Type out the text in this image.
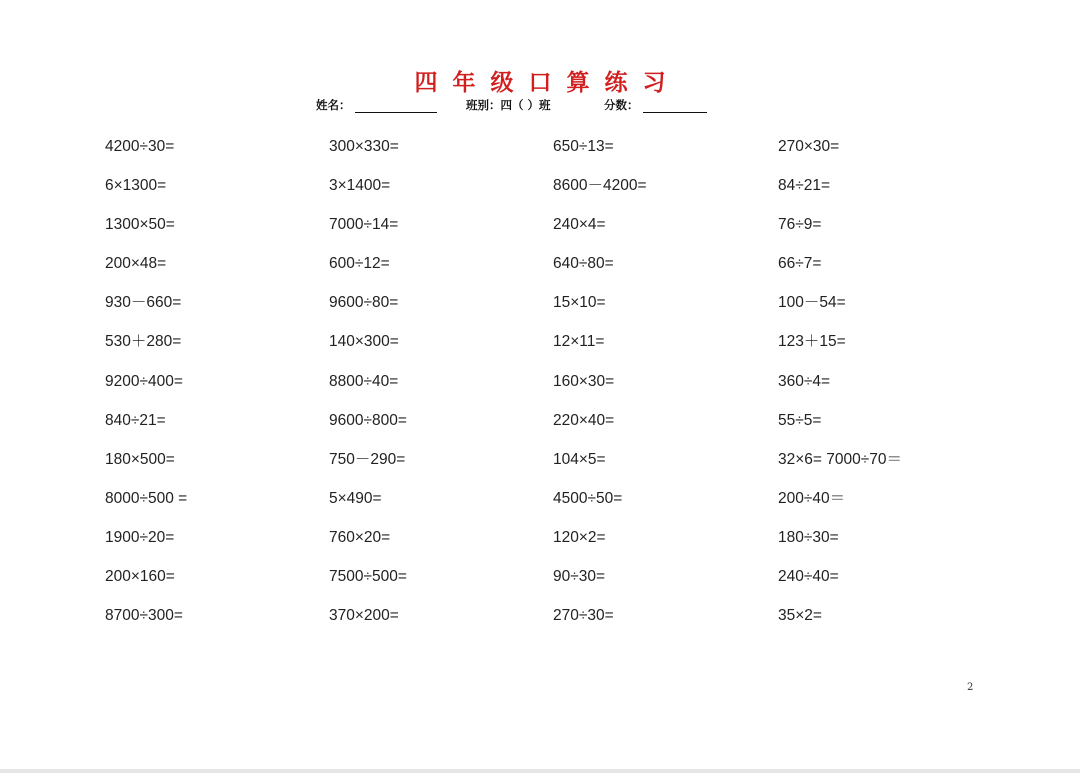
四年级口算练习
姓名：	班别：四（ ）班	分数：
4200÷30=	300×330=	650÷13=	270×30=
6×1300=	3×1400=	8600－4200=	84÷21=
1300×50=	7000÷14=	240×4=	76÷9=
200×48=	600÷12=	640÷80=	66÷7=
930－660=	9600÷80=	15×10=	100－54=
530＋280=	140×300=	12×11=	123＋15=
9200÷400=	8800÷40=	160×30=	360÷4=
840÷21=	9600÷800=	220×40=	55÷5=
180×500=	750－290=	104×5=	32×6= 7000÷70＝
8000÷500 =	5×490=	4500÷50=	200÷40＝
1900÷20=	760×20=	120×2=	180÷30=
200×160=	7500÷500=	90÷30=	240÷40=
8700÷300=	370×200=	270÷30=	35×2=
2
